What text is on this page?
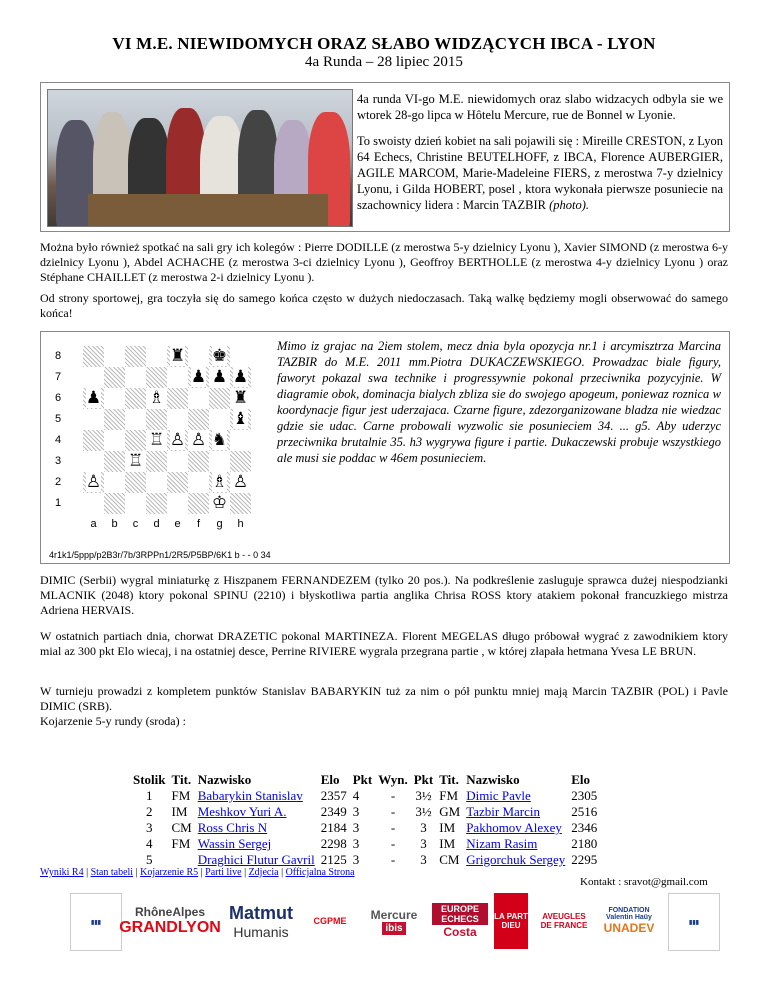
VI M.E. NIEWIDOMYCH ORAZ SŁABO WIDZĄCYCH IBCA - LYON
4a Runda – 28 lipiec 2015

4a runda VI-go M.E. niewidomych oraz slabo widzacych odbyla sie we wtorek 28-go lipca w Hôtelu Mercure, rue de Bonnel w Lyonie.

To swoisty dzień kobiet na sali pojawili się : Mireille CRESTON, z Lyon 64 Echecs, Christine BEUTELHOFF, z IBCA, Florence AUBERGIER, AGILE MARCOM, Marie-Madeleine FIERS, z merostwa 7-y dzielnicy Lyonu, i Gilda HOBERT, posel , ktora wykonała pierwsze posuniecie na szachownicy lidera : Marcin TAZBIR (photo).

Można było również spotkać na sali gry ich kolegów : Pierre DODILLE (z merostwa 5-y dzielnicy Lyonu ), Xavier SIMOND (z merostwa 6-y dzielnicy Lyonu ), Abdel ACHACHE (z merostwa 3-ci dzielnicy Lyonu ), Geoffroy BERTHOLLE (z merostwa 4-y dzielnicy Lyonu ) oraz Stéphane CHAILLET (z merostwa 2-i dzielnicy Lyonu ).
Od strony sportowej, gra toczyła się do samego końca często w dużych niedoczasach. Taką walkę będziemy mogli obserwować do samego końca!
♜ ♚
♟ ♟ ♟
♟	♗	♜
♝
♖ ♙ ♙ ♞
♖
♙	♗ ♙
♔
8
7
6
5
4
3
2
1
a	b	c	d	e	f	g	h
4r1k1/5ppp/p2B3r/7b/3RPPn1/2R5/P5BP/6K1 b - - 0 34
Mimo iz grajac na 2iem stolem, mecz dnia byla opozycja nr.1 i arcymisztrza Marcina TAZBIR do M.E. 2011 mm.Piotra DUKACZEWSKIEGO. Prowadzac biale figury, faworyt pokazal swa technike i progressywnie pokonal przeciwnika pozycyjnie. W diagramie obok, dominacja bialych zbliza sie do swojego apogeum, poniewaz roznica w koordynacje figur jest uderzajaca. Czarne figure, zdezorganizowane bladza nie wiedzac gdzie sie udac. Carne probowali wyzwolic sie posunieciem 34. ... g5. Aby uderzyc przeciwnika brutalnie 35. h3 wygrywa figure i partie. Dukaczewski probuje wszystkiego ale musi sie poddac w 46em posunieciem.
DIMIC (Serbii) wygral miniaturkę z Hiszpanem FERNANDEZEM (tylko 20 pos.). Na podkreślenie zasluguje sprawca dużej niespodzianki MLACNIK (2048) ktory pokonal SPINU (2210) i błyskotliwa partia anglika Chrisa ROSS ktory atakiem pokonał francuzkiego mistrza Adriena HERVAIS.
W ostatnich partiach dnia, chorwat DRAZETIC pokonal MARTINEZA. Florent MEGELAS długo próbował wygrać z zawodnikiem ktory mial az 300 pkt Elo wiecaj, i na ostatniej desce, Perrine RIVIERE wygrala przegrana partie , w której złapała hetmana Yvesa LE BRUN.
W turnieju prowadzi z kompletem punktów Stanislav BABARYKIN tuż za nim o pół punktu mniej mają Marcin TAZBIR (POL) i Pavle DIMIC (SRB).
Kojarzenie 5-y rundy (sroda) :
Stolik	Tit.	Nazwisko	Elo	Pkt	Wyn.	Pkt	Tit.	Nazwisko	Elo
1	FM	Babarykin Stanislav	2357	4	-	3½	FM	Dimic Pavle	2305
2	IM	Meshkov Yuri A.	2349	3	-	3½	GM	Tazbir Marcin	2516
3	CM	Ross Chris N	2184	3	-	3	IM	Pakhomov Alexey	2346
4	FM	Wassin Sergej	2298	3	-	3	IM	Nizam Rasim	2180
5		Draghici Flutur Gavril	2125	3	-	3	CM	Grigorchuk Sergey	2295
Wyniki R4 | Stan tabeli | Kojarzenie R5 | Parti live | Zdjecia | Officjalna Strona
Kontakt : sravot@gmail.com
▮▮▮
RhôneAlpes
GRANDLYON
Matmut
Humanis
CGPME	Mercure
ibis
EUROPE ECHECS
Costa
LA PART DIEU
AVEUGLES DE FRANCE
FONDATION Valentin Haüy
UNADEV	▮▮▮
